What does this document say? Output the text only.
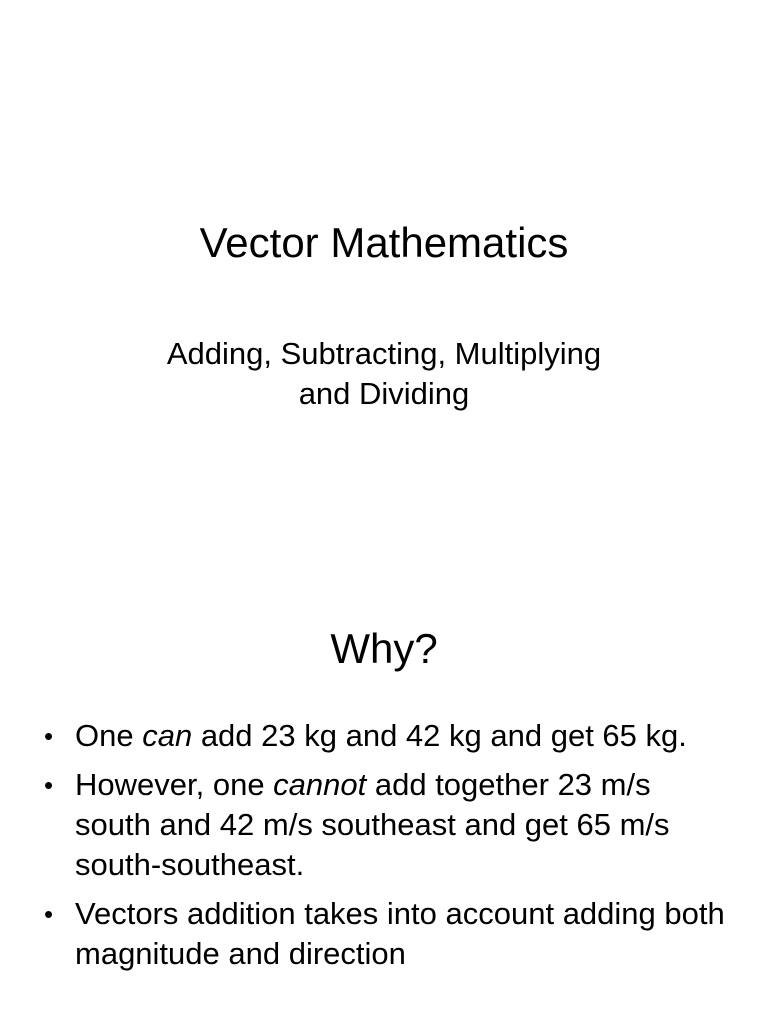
Vector Mathematics
Adding, Subtracting, Multiplying
and Dividing
Why?
• One can add 23 kg and 42 kg and get 65 kg.
• However, one cannot add together 23 m/s south and 42 m/s southeast and get 65 m/s south-southeast.
• Vectors addition takes into account adding both magnitude and direction
